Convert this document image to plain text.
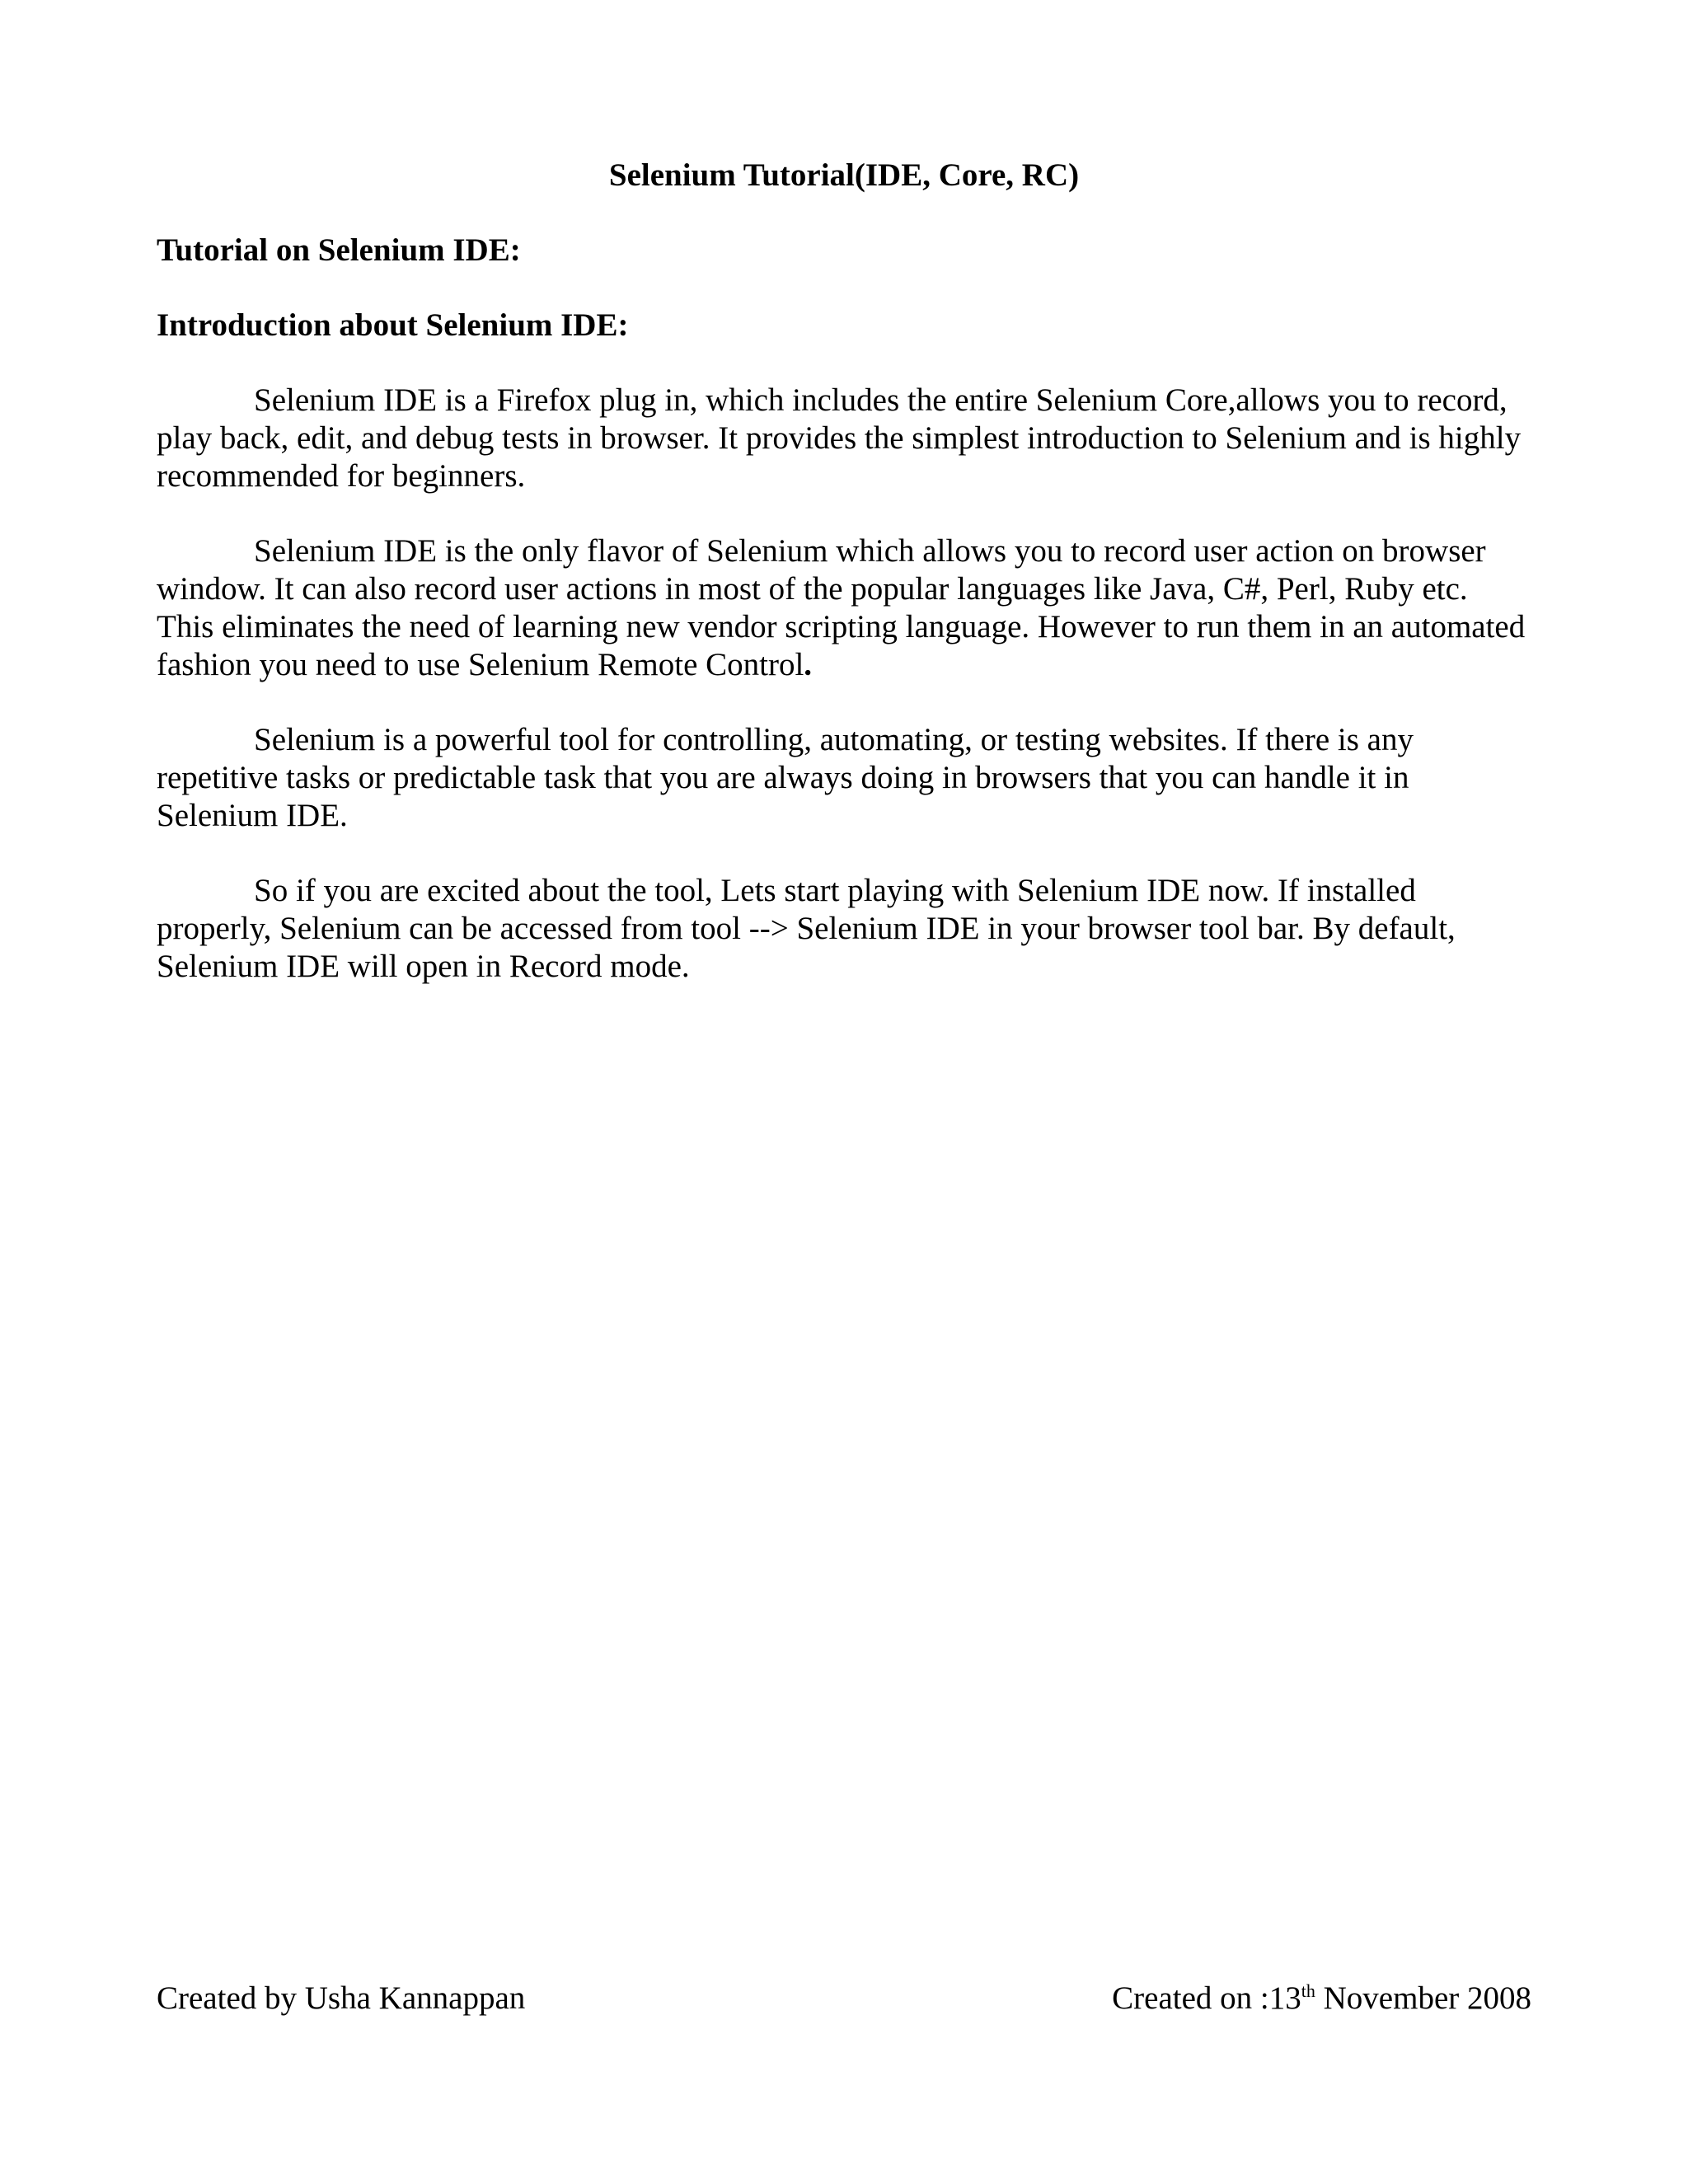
Selenium Tutorial(IDE, Core, RC)
Tutorial on Selenium IDE:
Introduction about Selenium IDE:

Selenium IDE is a Firefox plug in, which includes the entire Selenium Core,allows you to record, play back, edit, and debug tests in browser. It provides the simplest introduction to Selenium and is highly recommended for beginners.

Selenium IDE is the only flavor of Selenium which allows you to record user action on browser window. It can also record user actions in most of the popular languages like Java, C#, Perl, Ruby etc. This eliminates the need of learning new vendor scripting language. However to run them in an automated fashion you need to use Selenium Remote Control.

Selenium is a powerful tool for controlling, automating, or testing websites. If there is any repetitive tasks or predictable task that you are always doing in browsers that you can handle it in Selenium IDE.

So if you are excited about the tool, Lets start playing with Selenium IDE now. If installed properly, Selenium can be accessed from tool --> Selenium IDE in your browser tool bar. By default, Selenium IDE will open in Record mode.

Created by Usha Kannappan	Created on :13th November 2008
